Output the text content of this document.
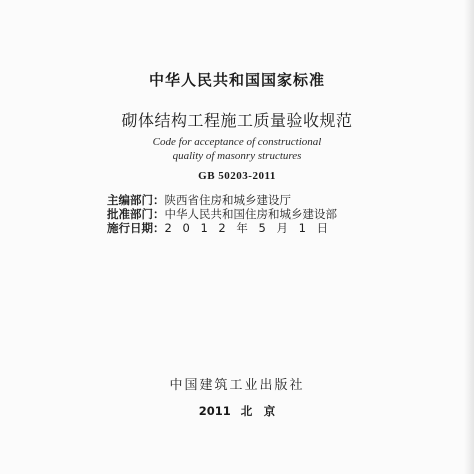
中华人民共和国国家标准
砌体结构工程施工质量验收规范
Code for acceptance of constructional
quality of masonry structures
GB 50203-2011
主编部门：陕西省住房和城乡建设厅
批准部门：中华人民共和国住房和城乡建设部
施行日期：2 0 1 2 年 5 月 1 日
中国建筑工业出版社
2011 北　京
